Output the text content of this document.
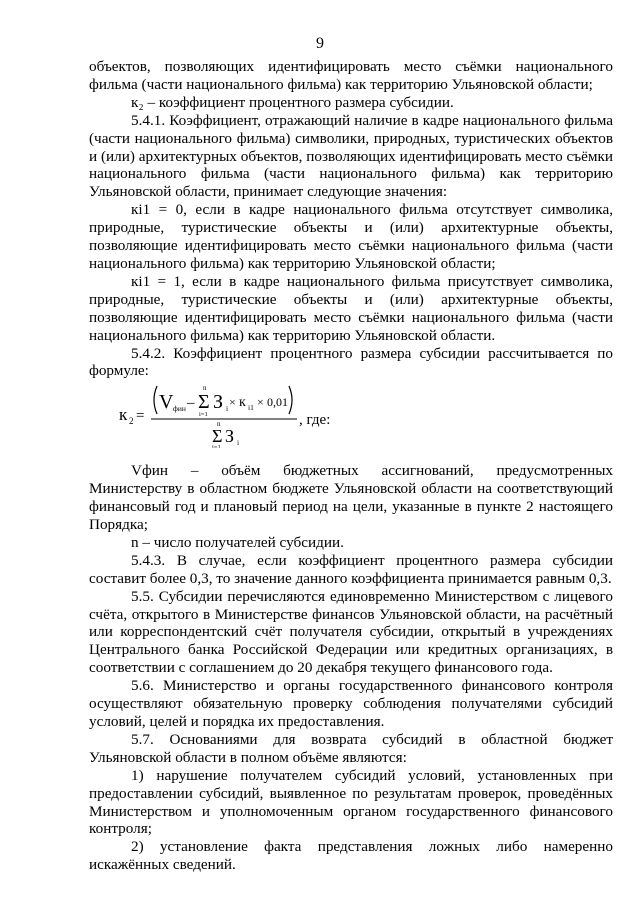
9

объектов, позволяющих идентифицировать место съёмки национального фильма (части национального фильма) как территорию Ульяновской области;

к₂ – коэффициент процентного размера субсидии.

5.4.1. Коэффициент, отражающий наличие в кадре национального фильма (части национального фильма) символики, природных, туристических объектов и (или) архитектурных объектов, позволяющих идентифицировать место съёмки национального фильма (части национального фильма) как территорию Ульяновской области, принимает следующие значения:

кі1 = 0, если в кадре национального фильма отсутствует символика, природные, туристические объекты и (или) архитектурные объекты, позволяющие идентифицировать место съёмки национального фильма (части национального фильма) как территорию Ульяновской области;

кі1 = 1, если в кадре национального фильма присутствует символика, природные, туристические объекты и (или) архитектурные объекты, позволяющие идентифицировать место съёмки национального фильма (части национального фильма) как территорию Ульяновской области.

5.4.2. Коэффициент процентного размера субсидии рассчитывается по формуле:

к 2 =
V фин –
n
Σ
i=1
З i × к i1 × 0,01
n
Σ
i=1
З i
, где:

Vфин – объём бюджетных ассигнований, предусмотренных Министерству в областном бюджете Ульяновской области на соответствующий финансовый год и плановый период на цели, указанные в пункте 2 настоящего Порядка;

n – число получателей субсидии.

5.4.3. В случае, если коэффициент процентного размера субсидии составит более 0,3, то значение данного коэффициента принимается равным 0,3.

5.5. Субсидии перечисляются единовременно Министерством с лицевого счёта, открытого в Министерстве финансов Ульяновской области, на расчётный или корреспондентский счёт получателя субсидии, открытый в учреждениях Центрального банка Российской Федерации или кредитных организациях, в соответствии с соглашением до 20 декабря текущего финансового года.

5.6. Министерство и органы государственного финансового контроля осуществляют обязательную проверку соблюдения получателями субсидий условий, целей и порядка их предоставления.

5.7. Основаниями для возврата субсидий в областной бюджет Ульяновской области в полном объёме являются:

1) нарушение получателем субсидий условий, установленных при предоставлении субсидий, выявленное по результатам проверок, проведённых Министерством и уполномоченным органом государственного финансового контроля;

2) установление факта представления ложных либо намеренно искажённых сведений.
